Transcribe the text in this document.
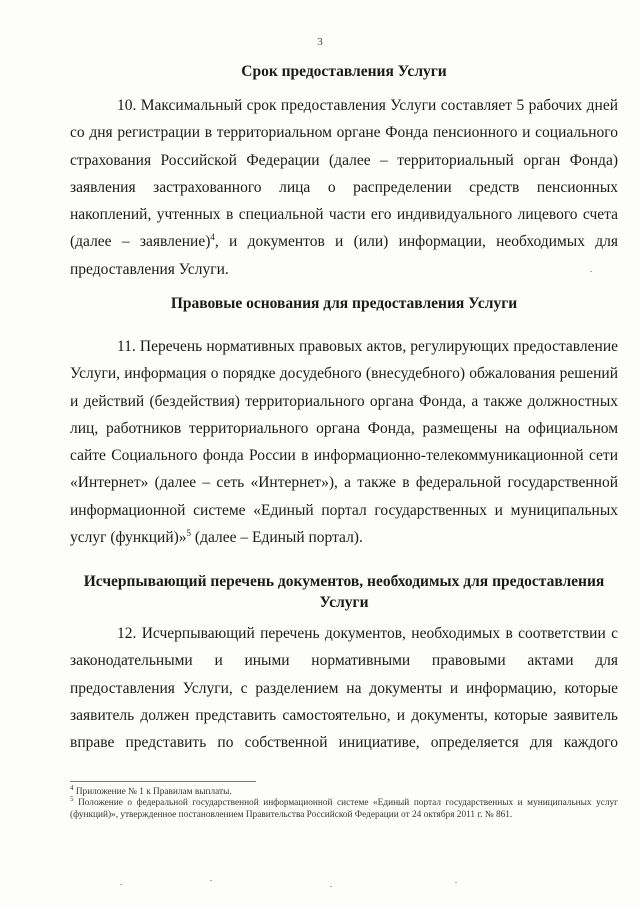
3
Срок предоставления Услуги

10. Максимальный срок предоставления Услуги составляет 5 рабочих дней со дня регистрации в территориальном органе Фонда пенсионного и социального страхования Российской Федерации (далее – территориальный орган Фонда) заявления застрахованного лица о распределении средств пенсионных накоплений, учтенных в специальной части его индивидуального лицевого счета (далее – заявление)$^4$, и документов и (или) информации, необходимых для предоставления Услуги.

Правовые основания для предоставления Услуги

11. Перечень нормативных правовых актов, регулирующих предоставление Услуги, информация о порядке досудебного (внесудебного) обжалования решений и действий (бездействия) территориального органа Фонда, а также должностных лиц, работников территориального органа Фонда, размещены на официальном сайте Социального фонда России в информационно-телекоммуникационной сети «Интернет» (далее – сеть «Интернет»), а также в федеральной государственной информационной системе «Единый портал государственных и муниципальных услуг (функций)»$^5$ (далее – Единый портал).

Исчерпывающий перечень документов, необходимых для предоставления Услуги

12. Исчерпывающий перечень документов, необходимых в соответствии с законодательными и иными нормативными правовыми актами для предоставления Услуги, с разделением на документы и информацию, которые заявитель должен представить самостоятельно, и документы, которые заявитель вправе представить по собственной инициативе, определяется для каждого

$^4$ Приложение № 1 к Правилам выплаты.

$^5$ Положение о федеральной государственной информационной системе «Единый портал государственных и муниципальных услуг (функций)», утвержденное постановлением Правительства Российской Федерации от 24 октября 2011 г. № 861.
